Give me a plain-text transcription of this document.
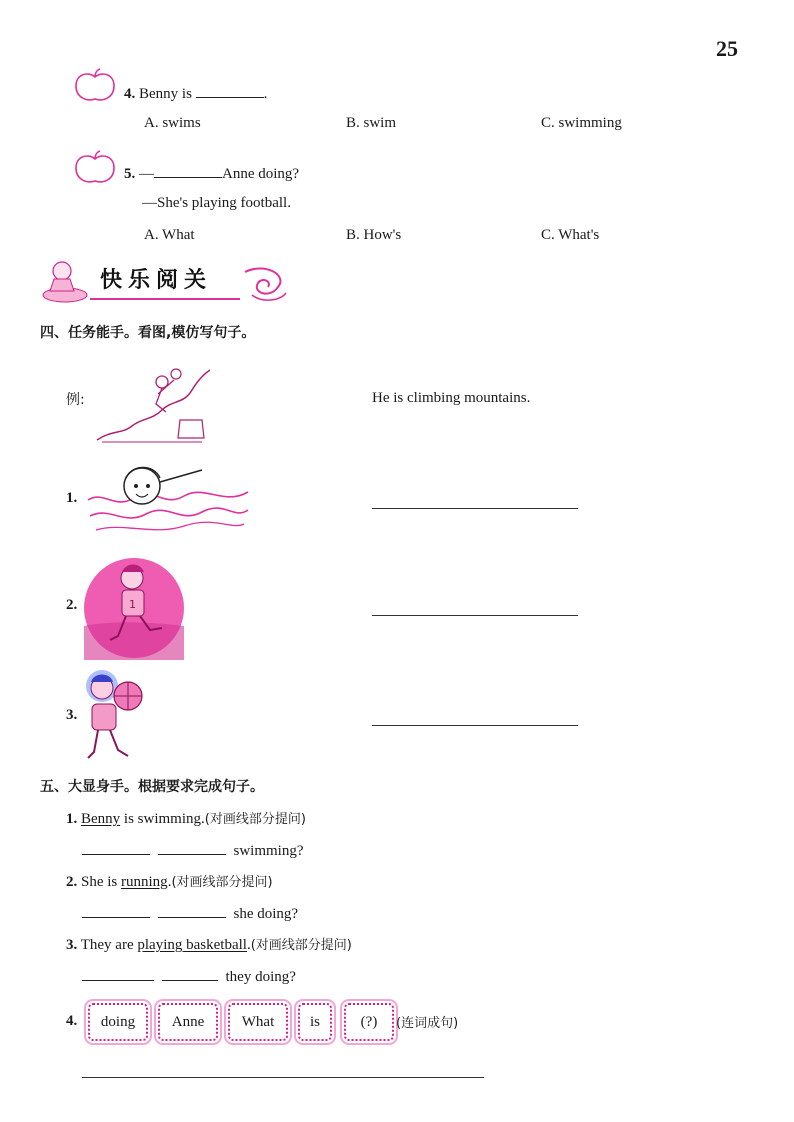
25
4. Benny is	.
A. swims	B. swim	C. swimming
5. —	Anne doing?
—She's playing football.
A. What	B. How's	C. What's
快乐阅关
四、任务能手。看图,模仿写句子。
例:	He is climbing mountains.
1.
2.	1
3.
五、大显身手。根据要求完成句子。
1. Benny is swimming.(对画线部分提问)
swimming?
2. She is running.(对画线部分提问)
she doing?
3. They are playing basketball.(对画线部分提问)
they doing?
4.	doing	Anne	What	is	(?)	(连词成句)
